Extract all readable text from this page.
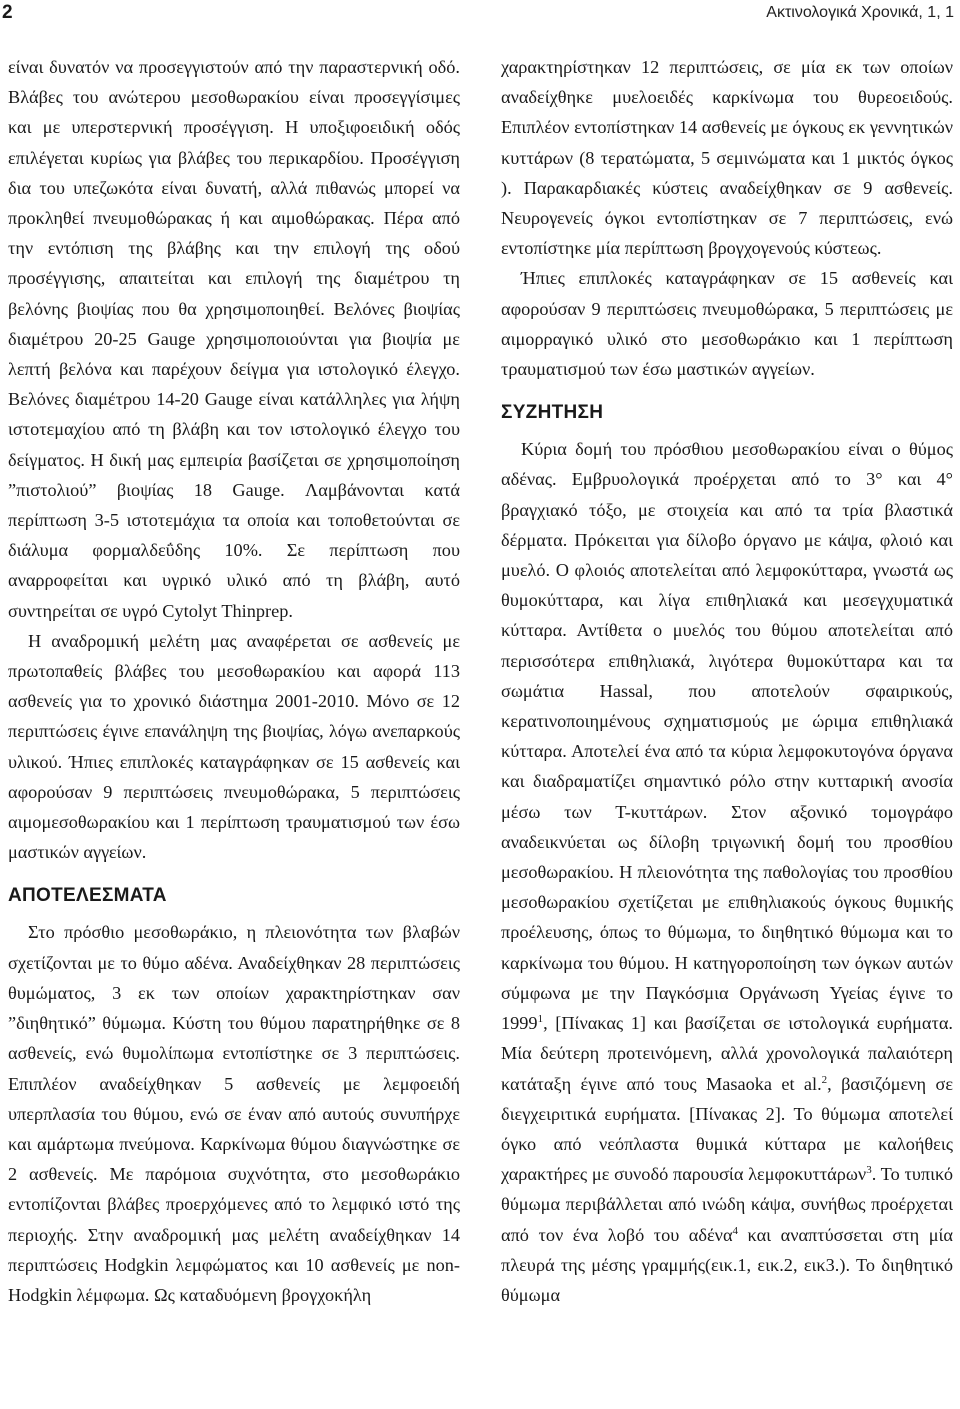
2	Ακτινολογικά Χρονικά, 1, 1

είναι δυνατόν να προσεγγιστούν από την παραστερνική οδό. Βλάβες του ανώτερου μεσοθωρακίου είναι προσεγγίσιμες και με υπερστερνική προσέγγιση. Η υποξιφοειδική οδός επιλέγεται κυρίως για βλάβες του περικαρδίου. Προσέγγιση δια του υπεζωκότα είναι δυνατή, αλλά πιθανώς μπορεί να προκληθεί πνευμοθώρακας ή και αιμοθώρακας. Πέρα από την εντόπιση της βλάβης και την επιλογή της οδού προσέγγισης, απαιτείται και επιλογή της διαμέτρου τη βελόνης βιοψίας που θα χρησιμοποιηθεί. Βελόνες βιοψίας διαμέτρου 20-25 Gauge χρησιμοποιούνται για βιοψία με λεπτή βελόνα και παρέχουν δείγμα για ιστολογικό έλεγχο. Βελόνες διαμέτρου 14-20 Gauge είναι κατάλληλες για λήψη ιστοτεμαχίου από τη βλάβη και τον ιστολογικό έλεγχο του δείγματος. Η δική μας εμπειρία βασίζεται σε χρησιμοποίηση ”πιστολιού” βιοψίας 18 Gauge. Λαμβάνονται κατά περίπτωση 3-5 ιστοτεμάχια τα οποία και τοποθετούνται σε διάλυμα φορμαλδεΰδης 10%. Σε περίπτωση που αναρροφείται και υγρικό υλικό από τη βλάβη, αυτό συντηρείται σε υγρό Cytolyt Thinprep.

Η αναδρομική μελέτη μας αναφέρεται σε ασθενείς με πρωτοπαθείς βλάβες του μεσοθωρακίου και αφορά 113 ασθενείς για το χρονικό διάστημα 2001-2010. Μόνο σε 12 περιπτώσεις έγινε επανάληψη της βιοψίας, λόγω ανεπαρκούς υλικού. Ήπιες επιπλοκές καταγράφηκαν σε 15 ασθενείς και αφορούσαν 9 περιπτώσεις πνευμοθώρακα, 5 περιπτώσεις αιμομεσοθωρακίου και 1 περίπτωση τραυματισμού των έσω μαστικών αγγείων.

ΑΠΟΤΕΛΕΣΜΑΤΑ

Στο πρόσθιο μεσοθωράκιο, η πλειονότητα των βλαβών σχετίζονται με το θύμο αδένα. Αναδείχθηκαν 28 περιπτώσεις θυμώματος, 3 εκ των οποίων χαρακτηρίστηκαν σαν ”διηθητικό” θύμωμα. Κύστη του θύμου παρατηρήθηκε σε 8 ασθενείς, ενώ θυμολίπωμα εντοπίστηκε σε 3 περιπτώσεις. Επιπλέον αναδείχθηκαν 5 ασθενείς με λεμφοειδή υπερπλασία του θύμου, ενώ σε έναν από αυτούς συνυπήρχε και αμάρτωμα πνεύμονα. Καρκίνωμα θύμου διαγνώστηκε σε 2 ασθενείς. Με παρόμοια συχνότητα, στο μεσοθωράκιο εντοπίζονται βλάβες προερχόμενες από το λεμφικό ιστό της περιοχής. Στην αναδρομική μας μελέτη αναδείχθηκαν 14 περιπτώσεις Hodgkin λεμφώματος και 10 ασθενείς με non-Hodgkin λέμφωμα. Ως καταδυόμενη βρογχοκήλη

χαρακτηρίστηκαν 12 περιπτώσεις, σε μία εκ των οποίων αναδείχθηκε μυελοειδές καρκίνωμα του θυρεοειδούς. Επιπλέον εντοπίστηκαν 14 ασθενείς με όγκους εκ γεννητικών κυττάρων (8 τερατώματα, 5 σεμινώματα και 1 μικτός όγκος ). Παρακαρδιακές κύστεις αναδείχθηκαν σε 9 ασθενείς. Νευρογενείς όγκοι εντοπίστηκαν σε 7 περιπτώσεις, ενώ εντοπίστηκε μία περίπτωση βρογχογενούς κύστεως.

Ήπιες επιπλοκές καταγράφηκαν σε 15 ασθενείς και αφορούσαν 9 περιπτώσεις πνευμοθώρακα, 5 περιπτώσεις με αιμορραγικό υλικό στο μεσοθωράκιο και 1 περίπτωση τραυματισμού των έσω μαστικών αγγείων.

ΣΥΖΗΤΗΣΗ

Κύρια δομή του πρόσθιου μεσοθωρακίου είναι ο θύμος αδένας. Εμβρυολογικά προέρχεται από το 3° και 4° βραγχιακό τόξο, με στοιχεία και από τα τρία βλαστικά δέρματα. Πρόκειται για δίλοβο όργανο με κάψα, φλοιό και μυελό. Ο φλοιός αποτελείται από λεμφοκύτταρα, γνωστά ως θυμοκύτταρα, και λίγα επιθηλιακά και μεσεγχυματικά κύτταρα. Αντίθετα ο μυελός του θύμου αποτελείται από περισσότερα επιθηλιακά, λιγότερα θυμοκύτταρα και τα σωμάτια Hassal, που αποτελούν σφαιρικούς, κερατινοποιημένους σχηματισμούς με ώριμα επιθηλιακά κύτταρα. Αποτελεί ένα από τα κύρια λεμφοκυτογόνα όργανα και διαδραματίζει σημαντικό ρόλο στην κυτταρική ανοσία μέσω των Τ-κυττάρων. Στον αξονικό τομογράφο αναδεικνύεται ως δίλοβη τριγωνική δομή του προσθίου μεσοθωρακίου. Η πλειονότητα της παθολογίας του προσθίου μεσοθωρακίου σχετίζεται με επιθηλιακούς όγκους θυμικής προέλευσης, όπως το θύμωμα, το διηθητικό θύμωμα και το καρκίνωμα του θύμου. Η κατηγοροποίηση των όγκων αυτών σύμφωνα με την Παγκόσμια Οργάνωση Υγείας έγινε το 1999$^1$, [Πίνακας 1] και βασίζεται σε ιστολογικά ευρήματα. Μία δεύτερη προτεινόμενη, αλλά χρονολογικά παλαιότερη κατάταξη έγινε από τους Masaoka et al.$^2$, βασιζόμενη σε διεγχειριτικά ευρήματα. [Πίνακας 2]. Το θύμωμα αποτελεί όγκο από νεόπλαστα θυμικά κύτταρα με καλοήθεις χαρακτήρες με συνοδό παρουσία λεμφοκυττάρων$^3$. Το τυπικό θύμωμα περιβάλλεται από ινώδη κάψα, συνήθως προέρχεται από τον ένα λοβό του αδένα$^4$ και αναπτύσσεται στη μία πλευρά της μέσης γραμμής(εικ.1, εικ.2, εικ3.). Το διηθητικό θύμωμα
